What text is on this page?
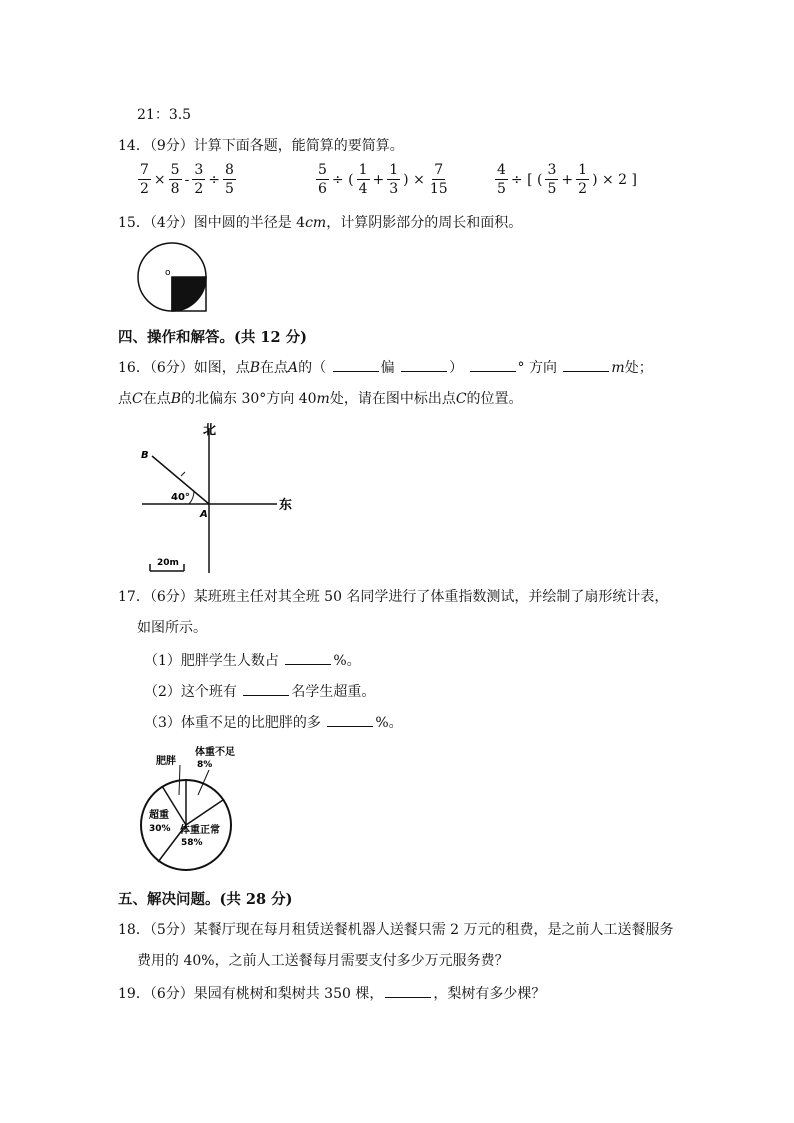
21：3.5
14．（9分）计算下面各题，能简算的要简算。
$\frac{7}{2} \times \frac{5}{8} - \frac{3}{2} \div \frac{8}{5}$	$\frac{5}{6}$ ÷ ( $\frac{1}{4} + \frac{1}{3}$ ) × $\frac{7}{15}$	$\frac{4}{5}$ ÷ [ ( $\frac{3}{5} + \frac{1}{2}$ ) × 2 ]
15．（4分）图中圆的半径是 4cm，计算阴影部分的周长和面积。
o
四、操作和解答。(共 12 分)
16．（6分）如图，点B在点A的（	偏	）	° 方向	m处；
点C在点B的北偏东 30°方向 40m处，请在图中标出点C的位置。
北
东
B
A
40°
20m
17．（6分）某班班主任对其全班 50 名同学进行了体重指数测试，并绘制了扇形统计表，
如图所示。
（1）肥胖学生人数占	%。
（2）这个班有	名学生超重。
（3）体重不足的比肥胖的多	%。
肥胖
体重不足
8%
超重
30% 体重正常
58%
五、解决问题。(共 28 分)
18．（5分）某餐厅现在每月租赁送餐机器人送餐只需 2 万元的租费，是之前人工送餐服务
费用的 40%，之前人工送餐每月需要支付多少万元服务费？
19．（6分）果园有桃树和梨树共 350 棵，	，梨树有多少棵？
